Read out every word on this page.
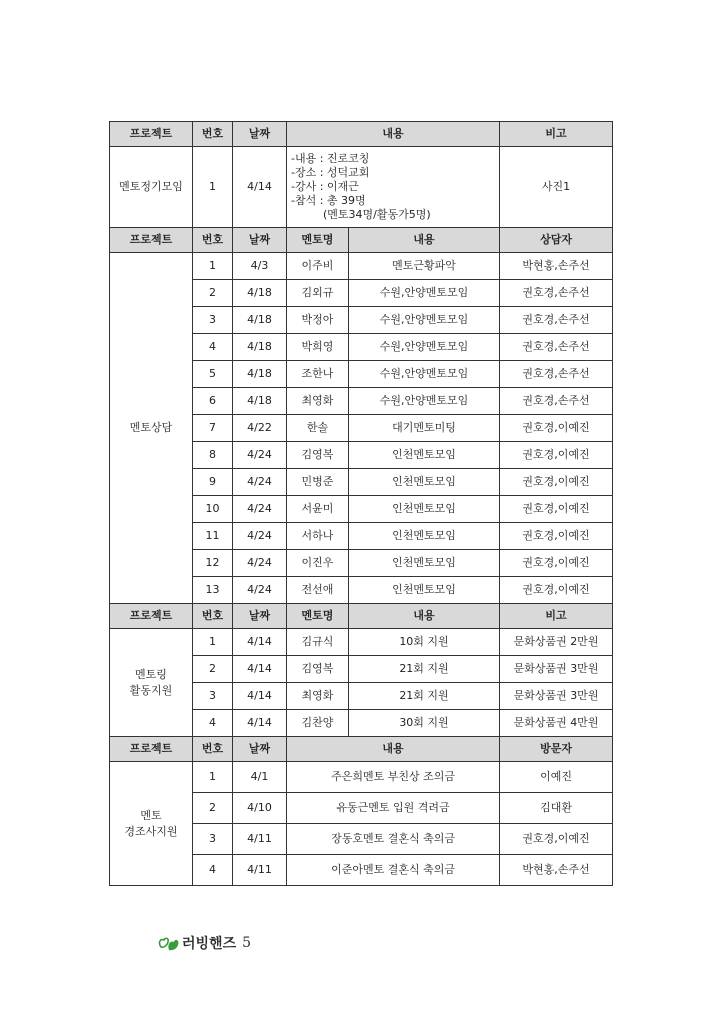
프로젝트	번호	날짜	내용		비고
멘토정기모임	1	4/14	-내용 : 진로코칭
-장소 : 성덕교회
-강사 : 이재근
-참석 : 총 39명
(멘토34명/활동가5명)		사진1
프로젝트	번호	날짜	멘토명	내용	상담자
멘토상담	1	4/3	이주비	멘토근황파악	박현홍,손주선
	2	4/18	김외규	수원,안양멘토모임	권호경,손주선
	3	4/18	박정아	수원,안양멘토모임	권호경,손주선
	4	4/18	박희영	수원,안양멘토모임	권호경,손주선
	5	4/18	조한나	수원,안양멘토모임	권호경,손주선
	6	4/18	최영화	수원,안양멘토모임	권호경,손주선
	7	4/22	한솔	대기멘토미팅	권호경,이예진
	8	4/24	김영복	인천멘토모임	권호경,이예진
	9	4/24	민병준	인천멘토모임	권호경,이예진
	10	4/24	서윤미	인천멘토모임	권호경,이예진
	11	4/24	서하나	인천멘토모임	권호경,이예진
	12	4/24	이진우	인천멘토모임	권호경,이예진
	13	4/24	전선애	인천멘토모임	권호경,이예진
프로젝트	번호	날짜	멘토명	내용	비고
멘토링
활동지원	1	4/14	김규식	10회 지원	문화상품권 2만원
	2	4/14	김영복	21회 지원	문화상품권 3만원
	3	4/14	최영화	21회 지원	문화상품권 3만원
	4	4/14	김찬양	30회 지원	문화상품권 4만원
프로젝트	번호	날짜	내용		방문자
멘토
경조사지원	1	4/1	주은희멘토 부친상 조의금		이예진
	2	4/10	유동근멘토 입원 격려금		김대환
	3	4/11	장동호멘토 결혼식 축의금		권호경,이예진
	4	4/11	이준아멘토 결혼식 축의금		박현홍,손주선
러빙핸즈 5
